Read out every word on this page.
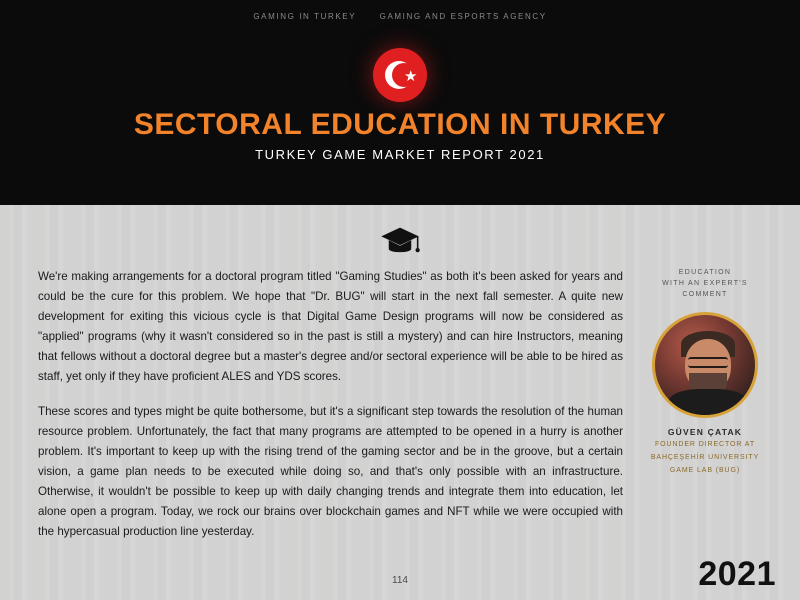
GAMING IN TURKEY	GAMING AND ESPORTS AGENCY
★
SECTORAL EDUCATION IN TURKEY
TURKEY GAME MARKET REPORT 2021

We're making arrangements for a doctoral program titled "Gaming Studies" as both it's been asked for years and could be the cure for this problem. We hope that "Dr. BUG" will start in the next fall semester. A quite new development for exiting this vicious cycle is that Digital Game Design programs will now be considered as "applied" programs (why it wasn't considered so in the past is still a mystery) and can hire Instructors, meaning that fellows without a doctoral degree but a master's degree and/or sectoral experience will be able to be hired as staff, yet only if they have proficient ALES and YDS scores.

These scores and types might be quite bothersome, but it's a significant step towards the resolution of the human resource problem. Unfortunately, the fact that many programs are attempted to be opened in a hurry is another problem. It's important to keep up with the rising trend of the gaming sector and be in the groove, but a certain vision, a game plan needs to be executed while doing so, and that's only possible with an infrastructure. Otherwise, it wouldn't be possible to keep up with daily changing trends and integrate them into education, let alone open a program. Today, we rock our brains over blockchain games and NFT while we were occupied with the hypercasual production line yesterday.

EDUCATION
WITH AN EXPERT'S
COMMENT
GÜVEN ÇATAK
FOUNDER DIRECTOR AT
BAHÇEŞEHİR UNIVERSITY
GAME LAB (BUG)
114	2021
